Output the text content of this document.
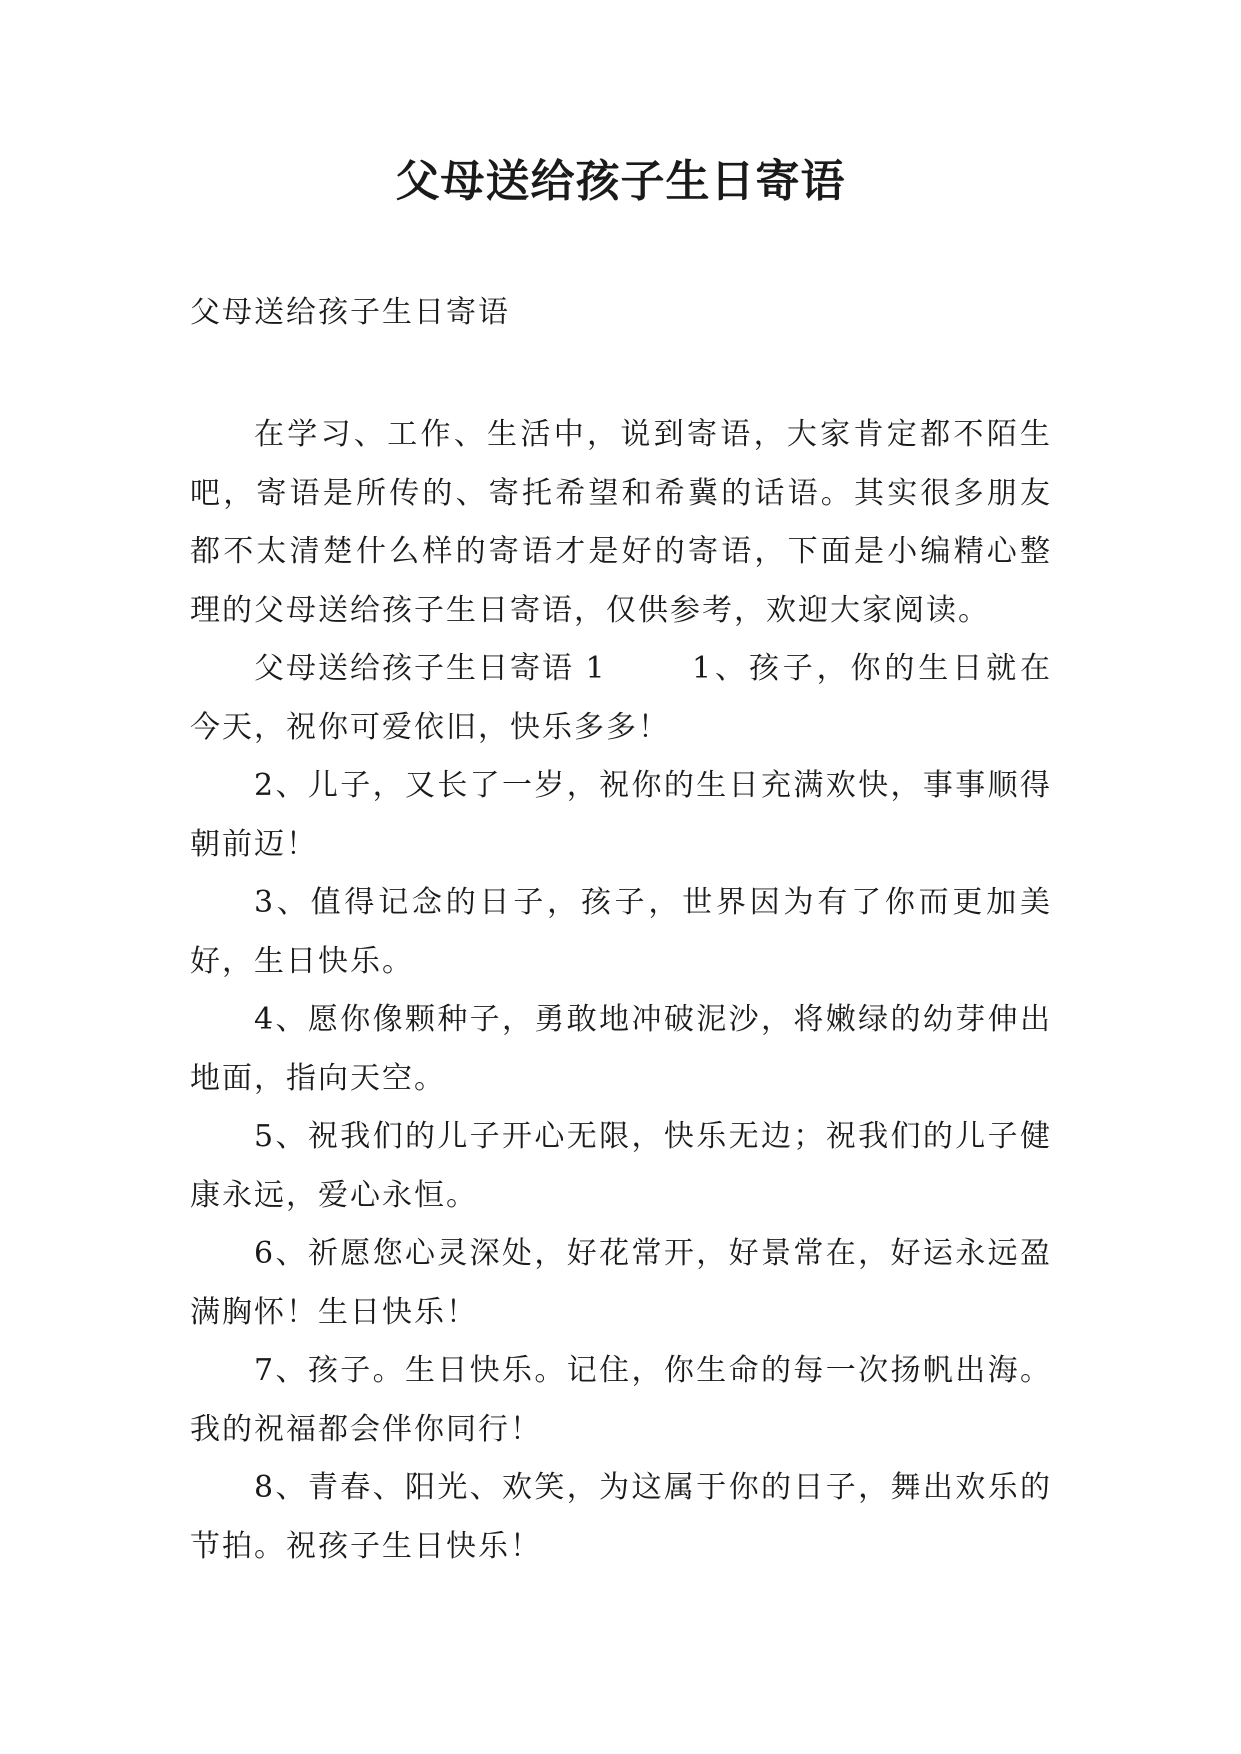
父母送给孩子生日寄语
父母送给孩子生日寄语

在学习、工作、生活中，说到寄语，大家肯定都不陌生吧，寄语是所传的、寄托希望和希冀的话语。其实很多朋友都不太清楚什么样的寄语才是好的寄语，下面是小编精心整理的父母送给孩子生日寄语，仅供参考，欢迎大家阅读。

父母送给孩子生日寄语 1	1、孩子，你的生日就在今天，祝你可爱依旧，快乐多多！

2、儿子，又长了一岁，祝你的生日充满欢快，事事顺得朝前迈！

3、值得记念的日子，孩子，世界因为有了你而更加美好，生日快乐。

4、愿你像颗种子，勇敢地冲破泥沙，将嫩绿的幼芽伸出地面，指向天空。

5、祝我们的儿子开心无限，快乐无边；祝我们的儿子健康永远，爱心永恒。

6、祈愿您心灵深处，好花常开，好景常在，好运永远盈满胸怀！生日快乐！

7、孩子。生日快乐。记住，你生命的每一次扬帆出海。我的祝福都会伴你同行！

8、青春、阳光、欢笑，为这属于你的日子，舞出欢乐的节拍。祝孩子生日快乐！
